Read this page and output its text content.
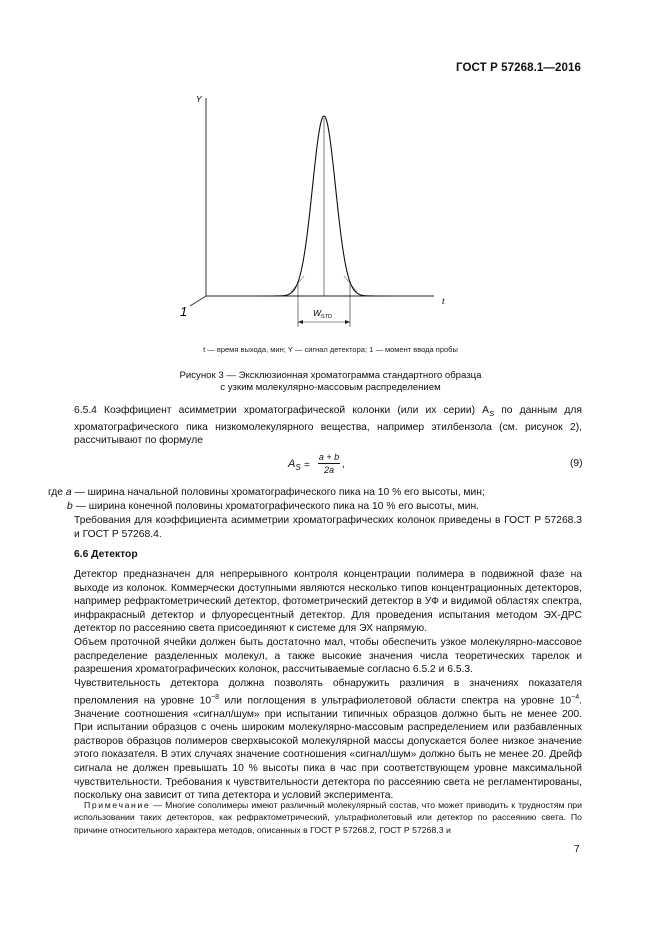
ГОСТ Р 57268.1—2016
Y
t
1	$W_{STD}$
t — время выхода, мин; Y — сигнал детектора; 1 — момент ввода пробы
Рисунок 3 — Эксклюзионная хроматограмма стандартного образца
с узким молекулярно-массовым распределением
6.5.4 Коэффициент асимметрии хроматографической колонки (или их серии) $A_S$ по данным для хроматографического пика низкомолекулярного вещества, например этилбензола (см. рисунок 2), рассчитывают по формуле
$A_S = \frac{a + b}{2a}$ ,	(9)
где a — ширина начальной половины хроматографического пика на 10 % его высоты, мин;
b — ширина конечной половины хроматографического пика на 10 % его высоты, мин.
Требования для коэффициента асимметрии хроматографических колонок приведены в ГОСТ Р 57268.3 и ГОСТ Р 57268.4.
6.6 Детектор
Детектор предназначен для непрерывного контроля концентрации полимера в подвижной фазе на выходе из колонок. Коммерчески доступными являются несколько типов концентрационных детекторов, например рефрактометрический детектор, фотометрический детектор в УФ и видимой областях спектра, инфракрасный детектор и флуоресцентный детектор. Для проведения испытания методом ЭХ-ДРС детектор по рассеянию света присоединяют к системе для ЭХ напрямую.
Объем проточной ячейки должен быть достаточно мал, чтобы обеспечить узкое молекулярно-массовое распределение разделенных молекул, а также высокие значения числа теоретических тарелок и разрешения хроматографических колонок, рассчитываемые согласно 6.5.2 и 6.5.3.
Чувствительность детектора должна позволять обнаружить различия в значениях показателя преломления на уровне $10^{-8}$ или поглощения в ультрафиолетовой области спектра на уровне $10^{-4}$. Значение соотношения «сигнал/шум» при испытании типичных образцов должно быть не менее 200. При испытании образцов с очень широким молекулярно-массовым распределением или разбавленных растворов образцов полимеров сверхвысокой молекулярной массы допускается более низкое значение этого показателя. В этих случаях значение соотношения «сигнал/шум» должно быть не менее 20. Дрейф сигнала не должен превышать 10 % высоты пика в час при соответствующем уровне максимальной чувствительности. Требования к чувствительности детектора по рассеянию света не регламентированы, поскольку она зависит от типа детектора и условий эксперимента.
Примечание — Многие сополимеры имеют различный молекулярный состав, что может приводить к трудностям при использовании таких детекторов, как рефрактометрический, ультрафиолетовый или детектор по рассеянию света. По причине относительного характера методов, описанных в ГОСТ Р 57268.2, ГОСТ Р 57268.3 и
7
